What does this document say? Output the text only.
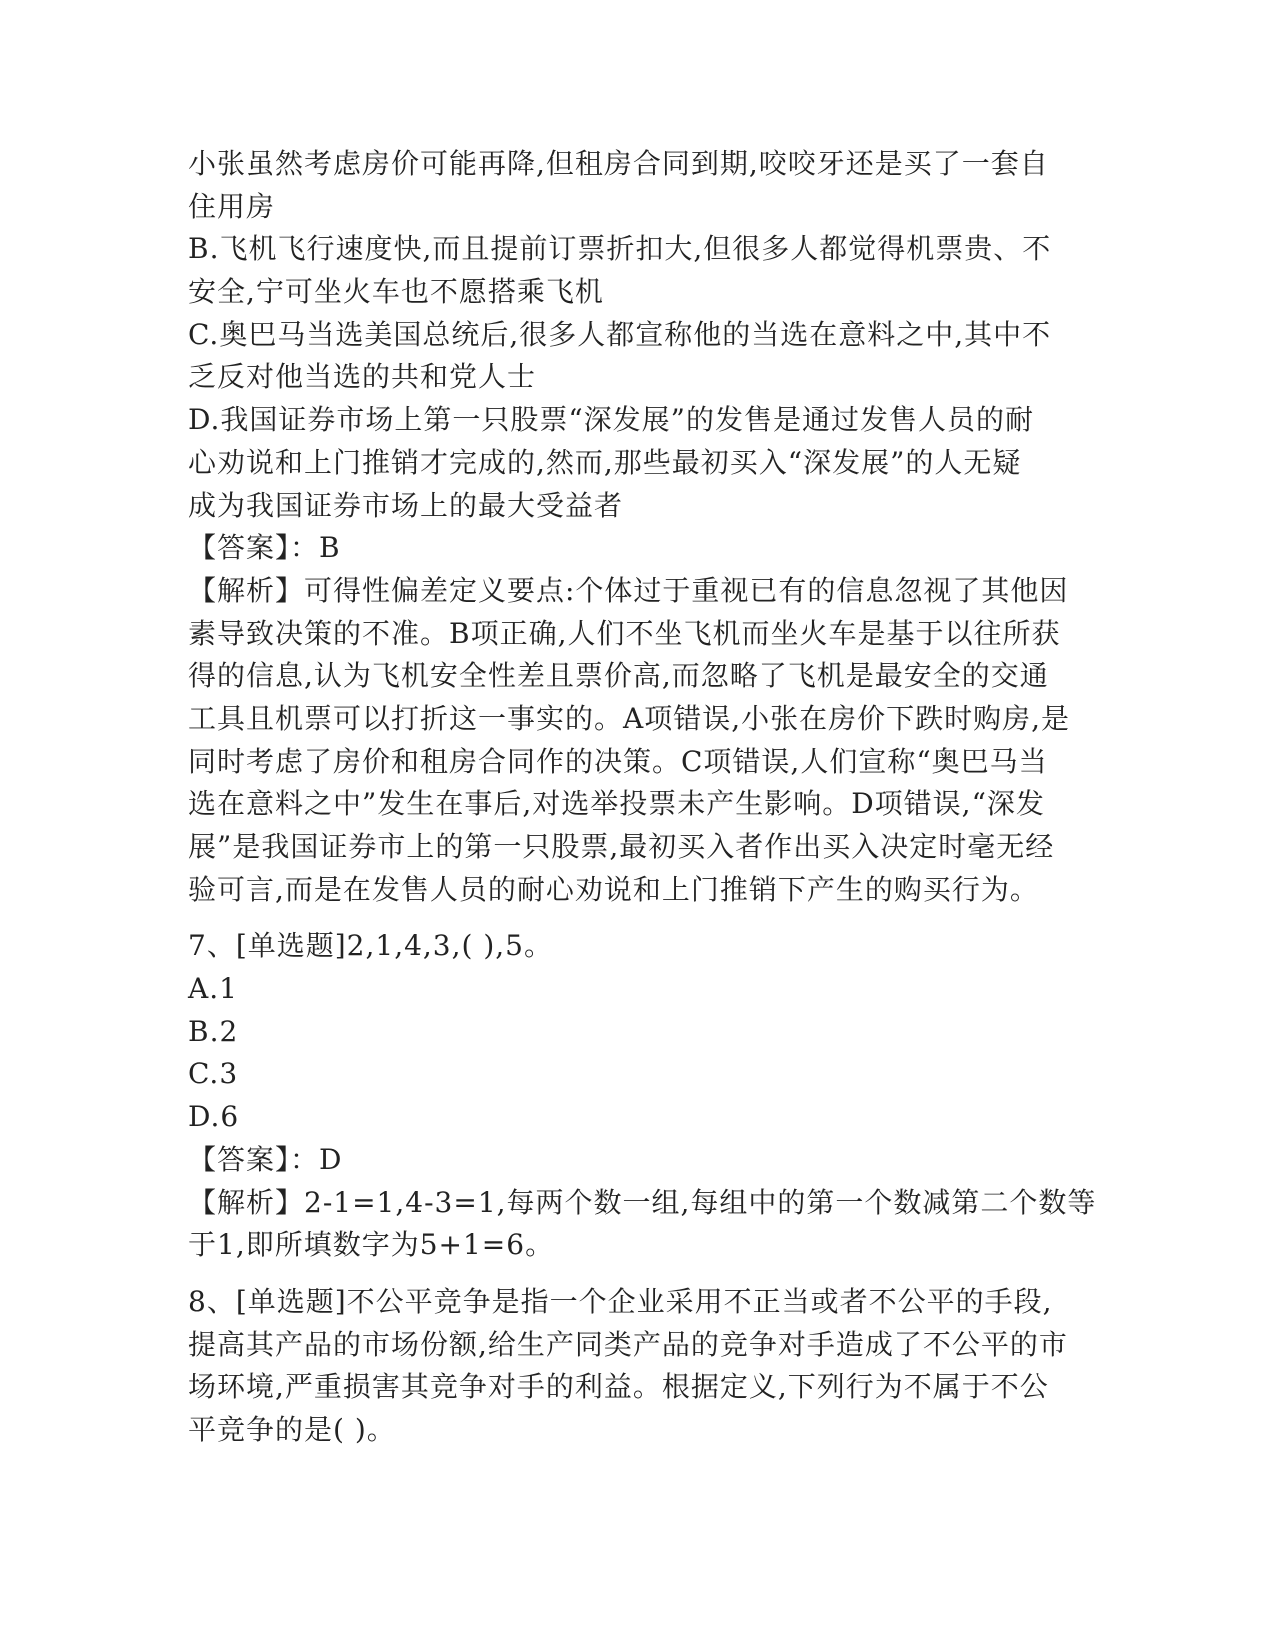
小张虽然考虑房价可能再降,但租房合同到期,咬咬牙还是买了一套自
住用房
B.飞机飞行速度快,而且提前订票折扣大,但很多人都觉得机票贵、不
安全,宁可坐火车也不愿搭乘飞机
C.奥巴马当选美国总统后,很多人都宣称他的当选在意料之中,其中不
乏反对他当选的共和党人士
D.我国证券市场上第一只股票“深发展”的发售是通过发售人员的耐
心劝说和上门推销才完成的,然而,那些最初买入“深发展”的人无疑
成为我国证券市场上的最大受益者
【答案】：B
【解析】可得性偏差定义要点:个体过于重视已有的信息忽视了其他因
素导致决策的不准。B项正确,人们不坐飞机而坐火车是基于以往所获
得的信息,认为飞机安全性差且票价高,而忽略了飞机是最安全的交通
工具且机票可以打折这一事实的。A项错误,小张在房价下跌时购房,是
同时考虑了房价和租房合同作的决策。C项错误,人们宣称“奥巴马当
选在意料之中”发生在事后,对选举投票未产生影响。D项错误,“深发
展”是我国证券市上的第一只股票,最初买入者作出买入决定时毫无经
验可言,而是在发售人员的耐心劝说和上门推销下产生的购买行为。
7、[单选题]2,1,4,3,( ),5。
A.1
B.2
C.3
D.6
【答案】：D
【解析】2-1=1,4-3=1,每两个数一组,每组中的第一个数减第二个数等
于1,即所填数字为5+1=6。
8、[单选题]不公平竞争是指一个企业采用不正当或者不公平的手段,
提高其产品的市场份额,给生产同类产品的竞争对手造成了不公平的市
场环境,严重损害其竞争对手的利益。根据定义,下列行为不属于不公
平竞争的是( )。
